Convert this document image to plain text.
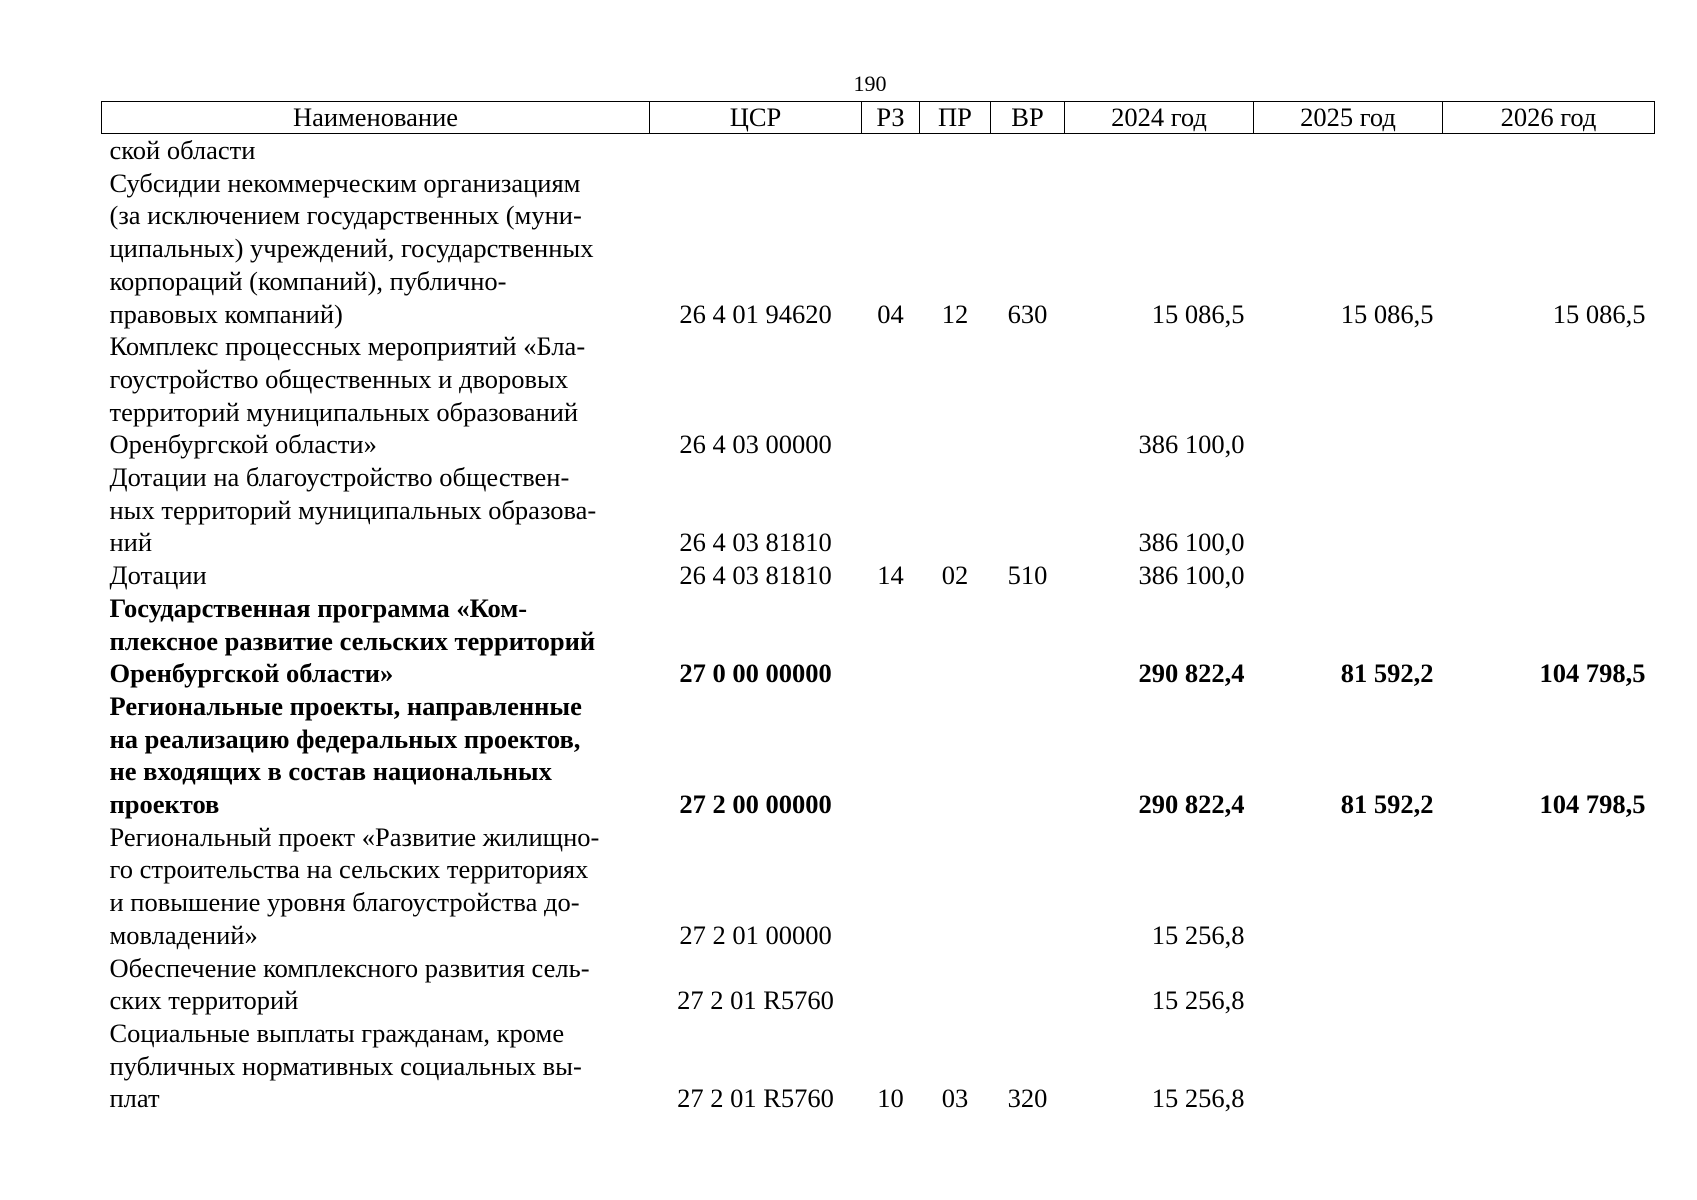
190
Наименование	ЦСР	РЗ	ПР	ВР	2024 год	2025 год	2026 год

ской области							

Субсидии некоммерческим организациям
(за исключением государственных (муни-
ципальных) учреждений, государственных
корпораций (компаний), публично-
правовых компаний)	26 4 01 94620	04	12	630	15 086,5	15 086,5	15 086,5

Комплекс процессных мероприятий «Бла-
гоустройство общественных и дворовых
территорий муниципальных образований
Оренбургской области»	26 4 03 00000				386 100,0		

Дотации на благоустройство обществен-
ных территорий муниципальных образова-
ний	26 4 03 81810				386 100,0		

Дотации	26 4 03 81810	14	02	510	386 100,0		

Государственная программа «Ком-
плексное развитие сельских территорий
Оренбургской области»	27 0 00 00000				290 822,4	81 592,2	104 798,5

Региональные проекты, направленные
на реализацию федеральных проектов,
не входящих в состав национальных
проектов	27 2 00 00000				290 822,4	81 592,2	104 798,5

Региональный проект «Развитие жилищно-
го строительства на сельских территориях
и повышение уровня благоустройства до-
мовладений»	27 2 01 00000				15 256,8		

Обеспечение комплексного развития сель-
ских территорий	27 2 01 R5760				15 256,8		

Социальные выплаты гражданам, кроме
публичных нормативных социальных вы-
плат	27 2 01 R5760	10	03	320	15 256,8		
